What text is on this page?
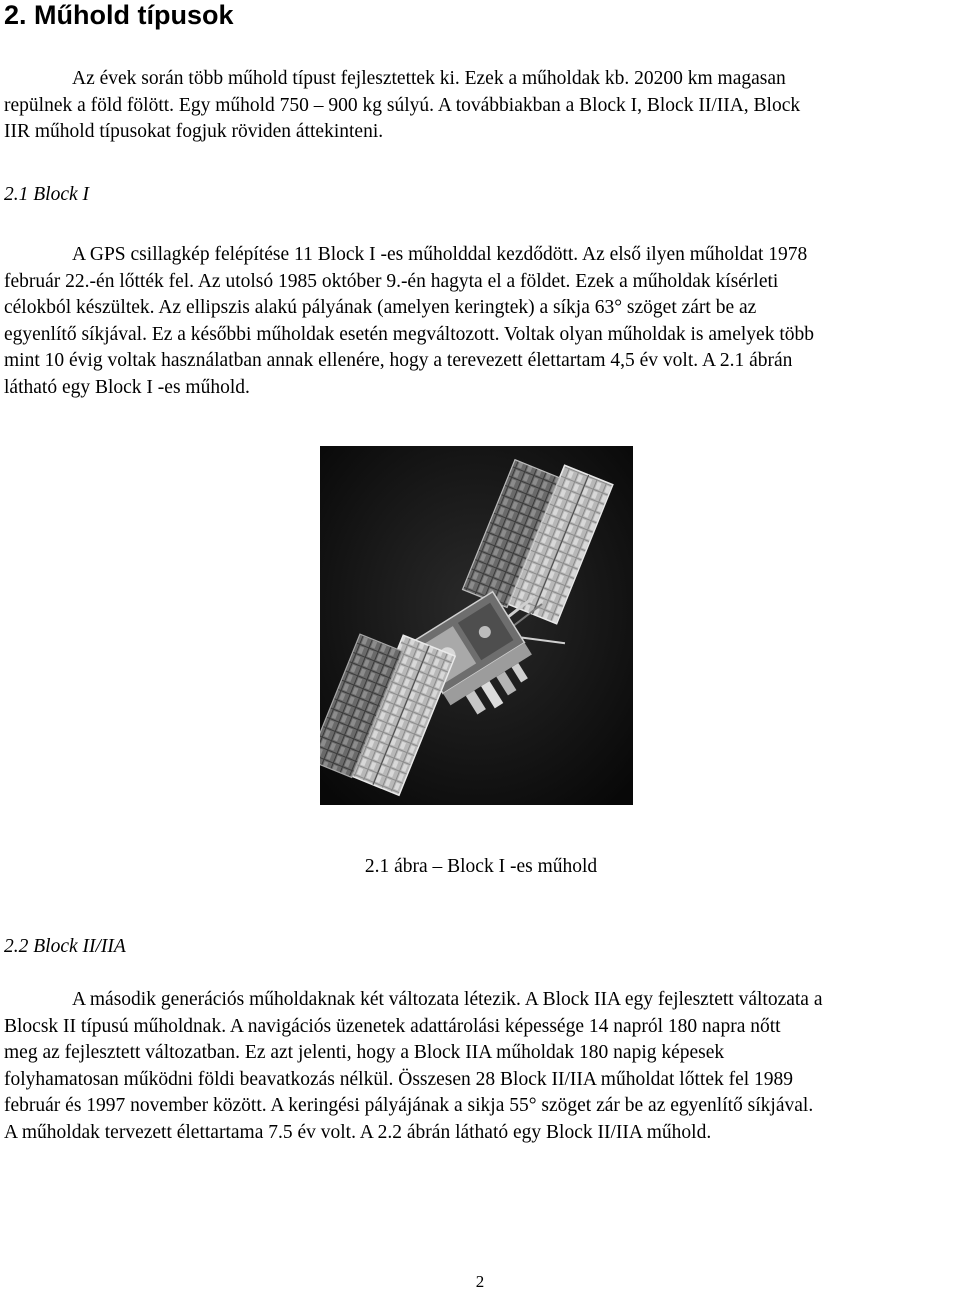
2. Műhold típusok
Az évek során több műhold típust fejlesztettek ki. Ezek a műholdak kb. 20200 km magasan
repülnek a föld fölött. Egy műhold 750 – 900 kg súlyú. A továbbiakban a Block I, Block II/IIA, Block
IIR műhold típusokat fogjuk röviden áttekinteni.
2.1 Block I
A GPS csillagkép felépítése 11 Block I -es műholddal kezdődött. Az első ilyen műholdat 1978
február 22.-én lőtték fel. Az utolsó 1985 október 9.-én hagyta el a földet. Ezek a műholdak kísérleti
célokból készültek. Az ellipszis alakú pályának (amelyen keringtek) a síkja 63° szöget zárt be az
egyenlítő síkjával. Ez a későbbi műholdak esetén megváltozott. Voltak olyan műholdak is amelyek több
mint 10 évig voltak használatban annak ellenére, hogy a terevezett élettartam 4,5 év volt. A 2.1 ábrán
látható egy Block I -es műhold.
2.1 ábra – Block I -es műhold
2.2 Block II/IIA
A második generációs műholdaknak két változata létezik. A Block IIA egy fejlesztett változata a
Blocsk II típusú műholdnak. A navigációs üzenetek adattárolási képessége 14 napról 180 napra nőtt
meg az fejlesztett változatban. Ez azt jelenti, hogy a Block IIA műholdak 180 napig képesek
folyhamatosan működni földi beavatkozás nélkül. Összesen 28 Block II/IIA műholdat lőttek fel 1989
február és 1997 november között. A keringési pályájának a sikja 55° szöget zár be az egyenlítő síkjával.
A műholdak tervezett élettartama 7.5 év volt. A 2.2 ábrán látható egy Block II/IIA műhold.
2
